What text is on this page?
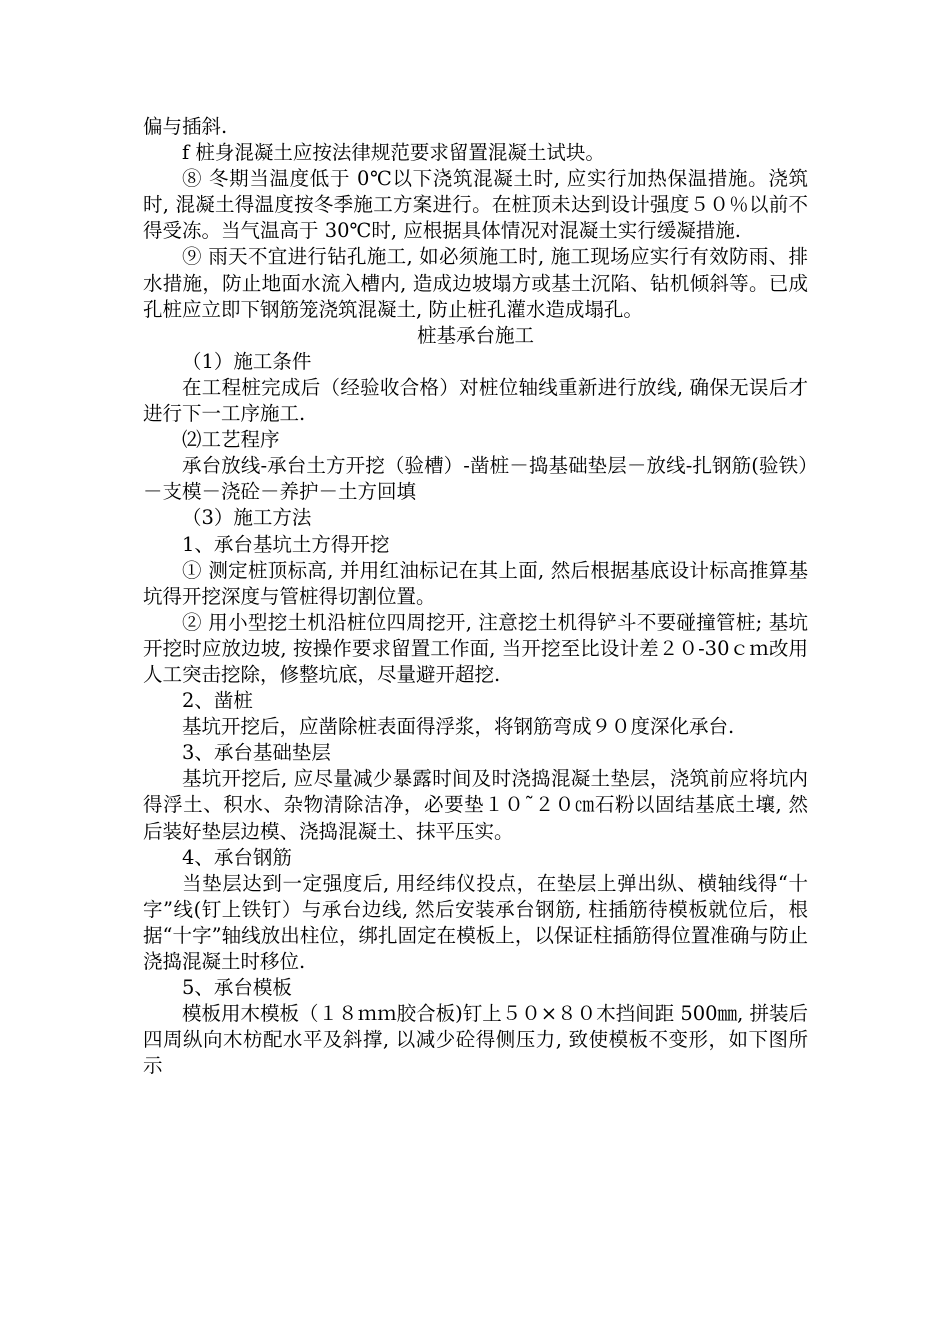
偏与插斜.

f 桩身混凝土应按法律规范要求留置混凝土试块。

⑧ 冬期当温度低于 0℃以下浇筑混凝土时, 应实行加热保温措施。浇筑时, 混凝土得温度按冬季施工方案进行。在桩顶未达到设计强度５０％以前不得受冻。当气温高于 30℃时, 应根据具体情况对混凝土实行缓凝措施.

⑨ 雨天不宜进行钻孔施工, 如必须施工时, 施工现场应实行有效防雨、排水措施，防止地面水流入槽内, 造成边坡塌方或基土沉陷、钻机倾斜等。已成孔桩应立即下钢筋笼浇筑混凝土, 防止桩孔灌水造成塌孔。

桩基承台施工

（1）施工条件

在工程桩完成后（经验收合格）对桩位轴线重新进行放线, 确保无误后才进行下一工序施工.

⑵工艺程序

承台放线-承台土方开挖（验槽）-凿桩－捣基础垫层－放线-扎钢筋(验铁）－支模－浇砼－养护－土方回填

（3）施工方法

1、承台基坑土方得开挖

① 测定桩顶标高, 并用红油标记在其上面, 然后根据基底设计标高推算基坑得开挖深度与管桩得切割位置。

② 用小型挖土机沿桩位四周挖开, 注意挖土机得铲斗不要碰撞管桩; 基坑开挖时应放边坡, 按操作要求留置工作面, 当开挖至比设计差２０-30ｃｍ改用人工突击挖除，修整坑底，尽量避开超挖.

2、凿桩

基坑开挖后，应凿除桩表面得浮浆，将钢筋弯成９０度深化承台.

3、承台基础垫层

基坑开挖后, 应尽量减少暴露时间及时浇捣混凝土垫层，浇筑前应将坑内得浮土、积水、杂物清除洁净，必要垫１０˜２０㎝石粉以固结基底土壤, 然后装好垫层边模、浇捣混凝土、抹平压实。

4、承台钢筋

当垫层达到一定强度后, 用经纬仪投点，在垫层上弹出纵、横轴线得“十字”线(钉上铁钉）与承台边线, 然后安装承台钢筋, 柱插筋待模板就位后，根据“十字”轴线放出柱位，绑扎固定在模板上，以保证柱插筋得位置准确与防止浇捣混凝土时移位.

5、承台模板

模板用木模板（１８ｍｍ胶合板)钉上５０×８０木挡间距 500㎜, 拼装后四周纵向木枋配水平及斜撑, 以减少砼得侧压力, 致使模板不变形，如下图所示
